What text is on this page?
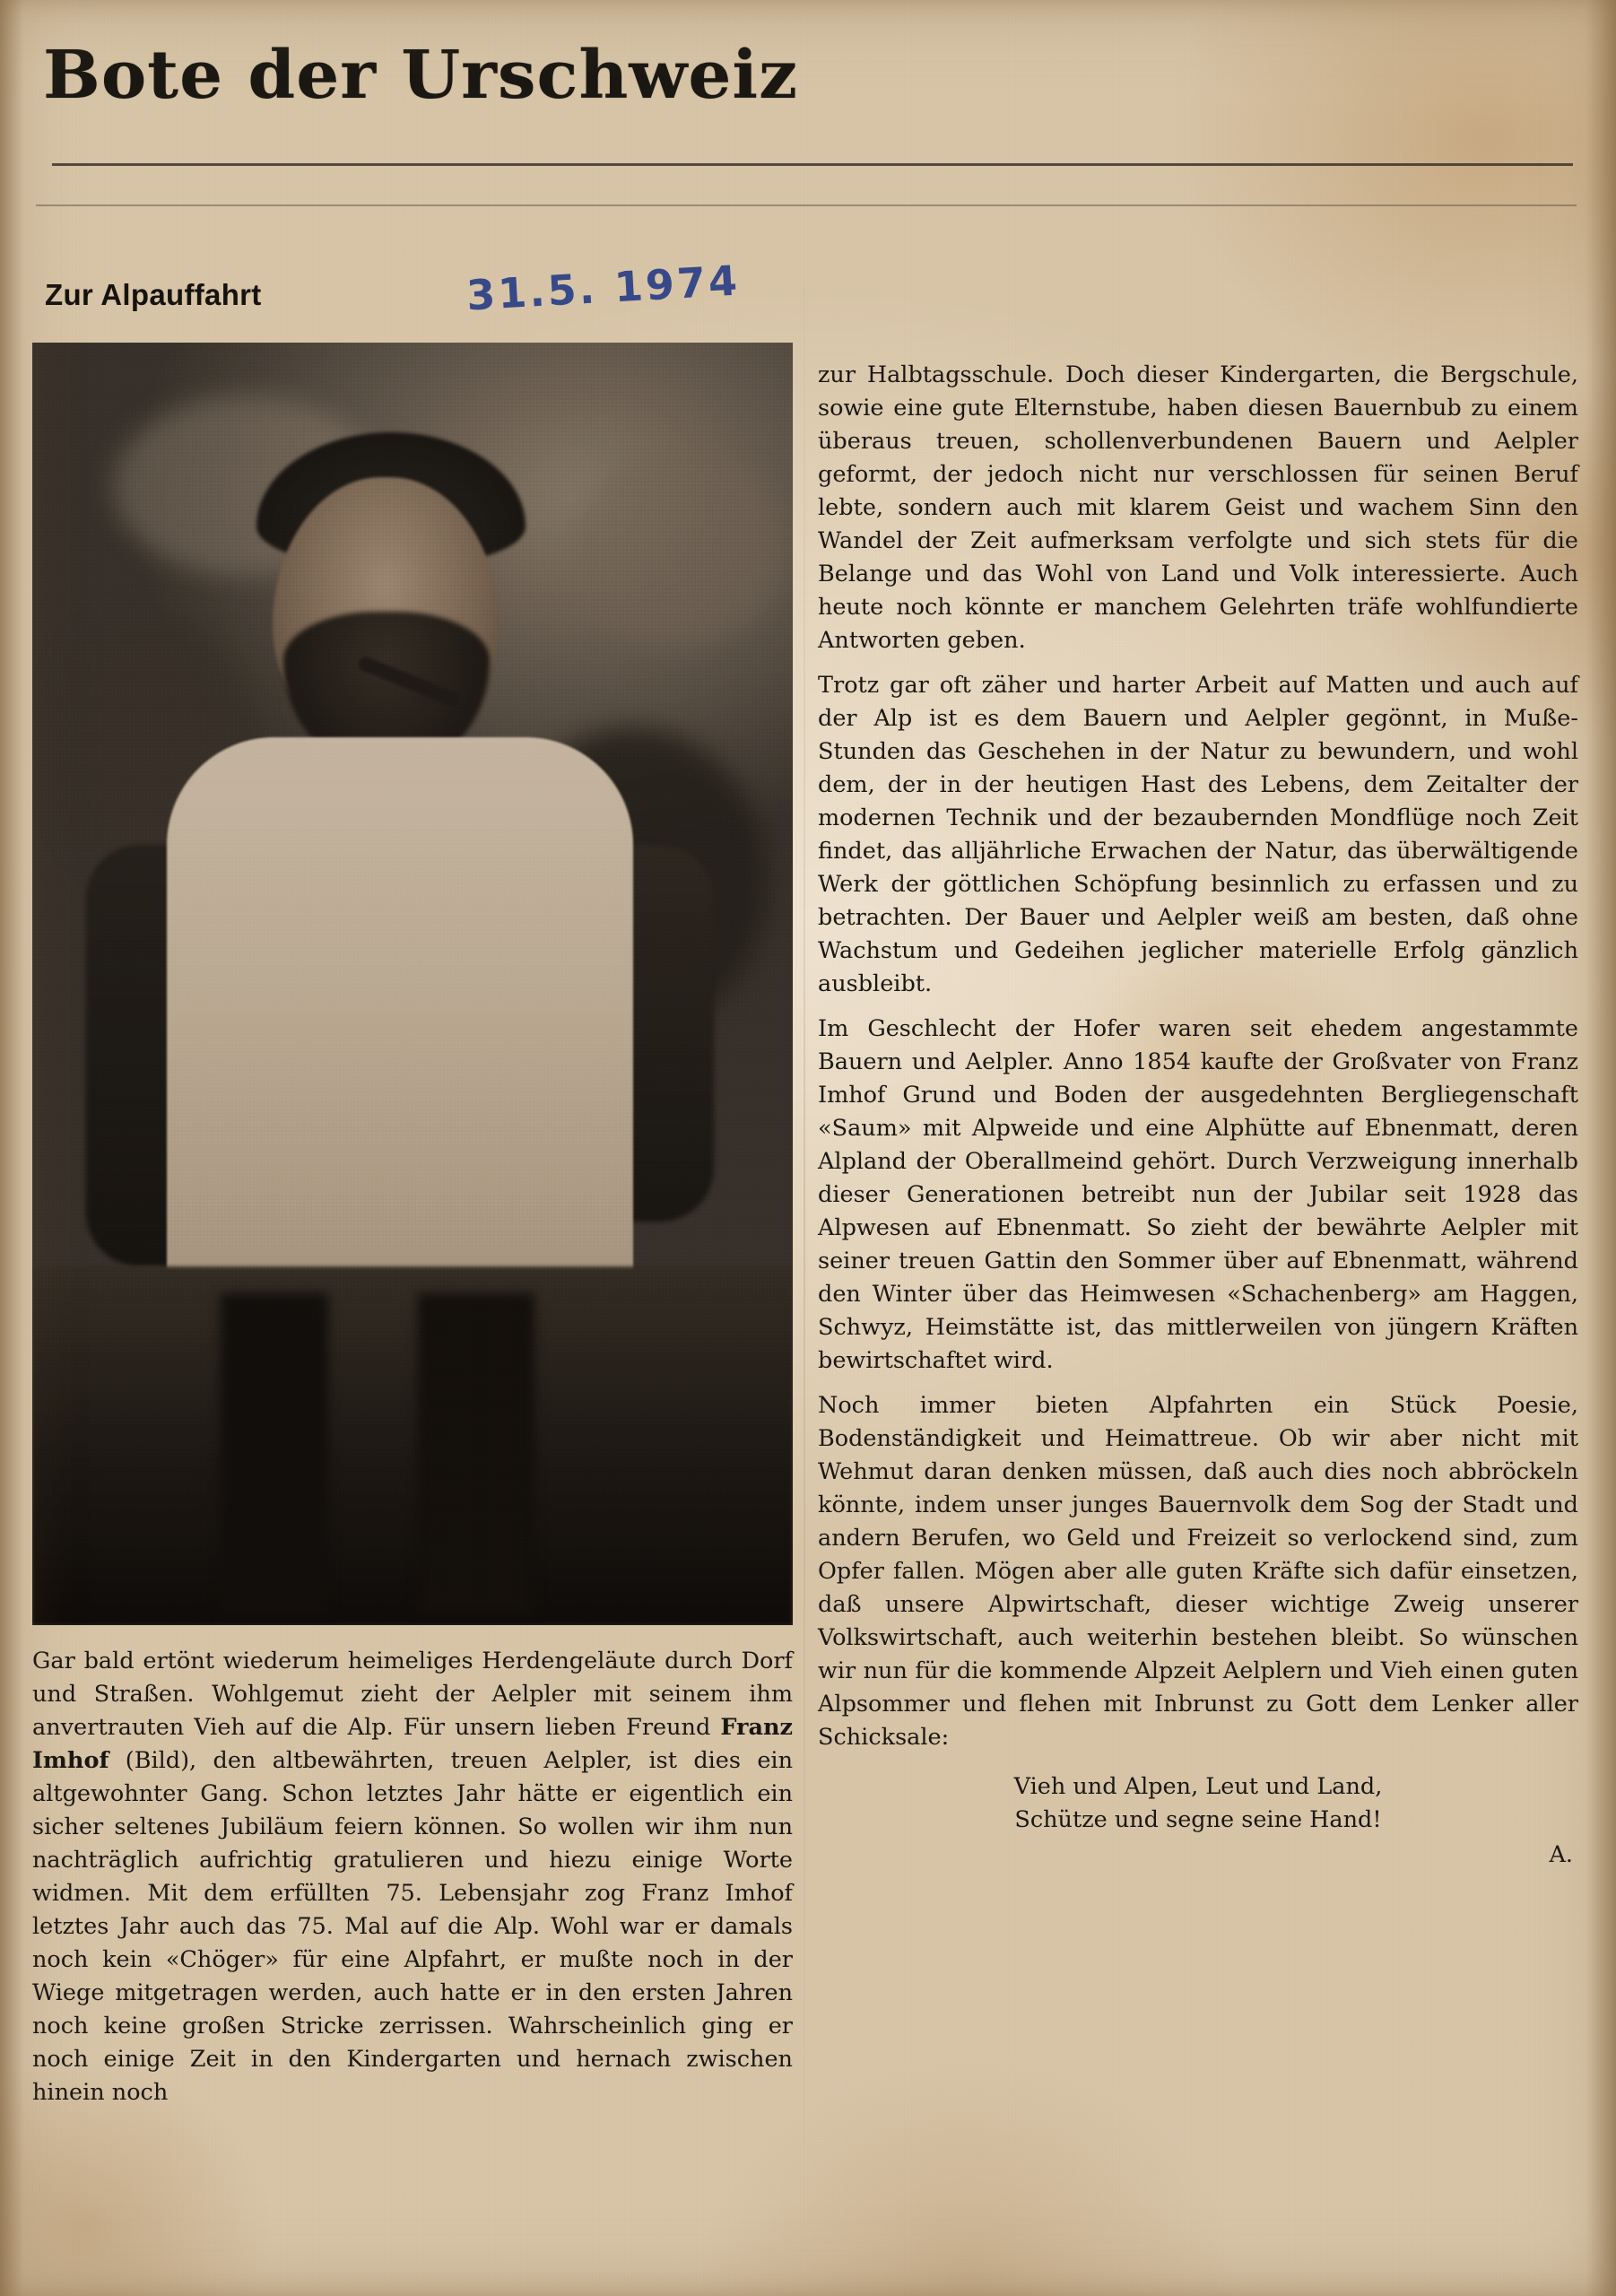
Bote der Urschweiz
Zur Alpauffahrt	31.5. 1974

Gar bald ertönt wiederum heimeliges Herdengeläute durch Dorf und Straßen. Wohlgemut zieht der Aelpler mit seinem ihm anvertrauten Vieh auf die Alp. Für unsern lieben Freund Franz Imhof (Bild), den altbewährten, treuen Aelpler, ist dies ein altgewohnter Gang. Schon letztes Jahr hätte er eigentlich ein sicher seltenes Jubiläum feiern können. So wollen wir ihm nun nachträglich aufrichtig gratulieren und hiezu einige Worte widmen. Mit dem erfüllten 75. Lebensjahr zog Franz Imhof letztes Jahr auch das 75. Mal auf die Alp. Wohl war er damals noch kein «Chöger» für eine Alpfahrt, er mußte noch in der Wiege mitgetragen werden, auch hatte er in den ersten Jahren noch keine großen Stricke zerrissen. Wahrscheinlich ging er noch einige Zeit in den Kindergarten und hernach zwischen hinein noch

zur Halbtagsschule. Doch dieser Kindergarten, die Bergschule, sowie eine gute Elternstube, haben diesen Bauernbub zu einem überaus treuen, schollenverbundenen Bauern und Aelpler geformt, der jedoch nicht nur verschlossen für seinen Beruf lebte, sondern auch mit klarem Geist und wachem Sinn den Wandel der Zeit aufmerksam verfolgte und sich stets für die Belange und das Wohl von Land und Volk interessierte. Auch heute noch könnte er manchem Gelehrten träfe wohlfundierte Antworten geben.

Trotz gar oft zäher und harter Arbeit auf Matten und auch auf der Alp ist es dem Bauern und Aelpler gegönnt, in Muße-Stunden das Geschehen in der Natur zu bewundern, und wohl dem, der in der heutigen Hast des Lebens, dem Zeitalter der modernen Technik und der bezaubernden Mondflüge noch Zeit findet, das alljährliche Erwachen der Natur, das überwältigende Werk der göttlichen Schöpfung besinnlich zu erfassen und zu betrachten. Der Bauer und Aelpler weiß am besten, daß ohne Wachstum und Gedeihen jeglicher materielle Erfolg gänzlich ausbleibt.

Im Geschlecht der Hofer waren seit ehedem angestammte Bauern und Aelpler. Anno 1854 kaufte der Großvater von Franz Imhof Grund und Boden der ausgedehnten Bergliegenschaft «Saum» mit Alpweide und eine Alphütte auf Ebnenmatt, deren Alpland der Oberallmeind gehört. Durch Verzweigung innerhalb dieser Generationen betreibt nun der Jubilar seit 1928 das Alpwesen auf Ebnenmatt. So zieht der bewährte Aelpler mit seiner treuen Gattin den Sommer über auf Ebnenmatt, während den Winter über das Heimwesen «Schachenberg» am Haggen, Schwyz, Heimstätte ist, das mittlerweilen von jüngern Kräften bewirtschaftet wird.

Noch immer bieten Alpfahrten ein Stück Poesie, Bodenständigkeit und Heimattreue. Ob wir aber nicht mit Wehmut daran denken müssen, daß auch dies noch abbröckeln könnte, indem unser junges Bauernvolk dem Sog der Stadt und andern Berufen, wo Geld und Freizeit so verlockend sind, zum Opfer fallen. Mögen aber alle guten Kräfte sich dafür einsetzen, daß unsere Alpwirtschaft, dieser wichtige Zweig unserer Volkswirtschaft, auch weiterhin bestehen bleibt. So wünschen wir nun für die kommende Alpzeit Aelplern und Vieh einen guten Alpsommer und flehen mit Inbrunst zu Gott dem Lenker aller Schicksale:

Vieh und Alpen, Leut und Land,
Schütze und segne seine Hand!
A.
